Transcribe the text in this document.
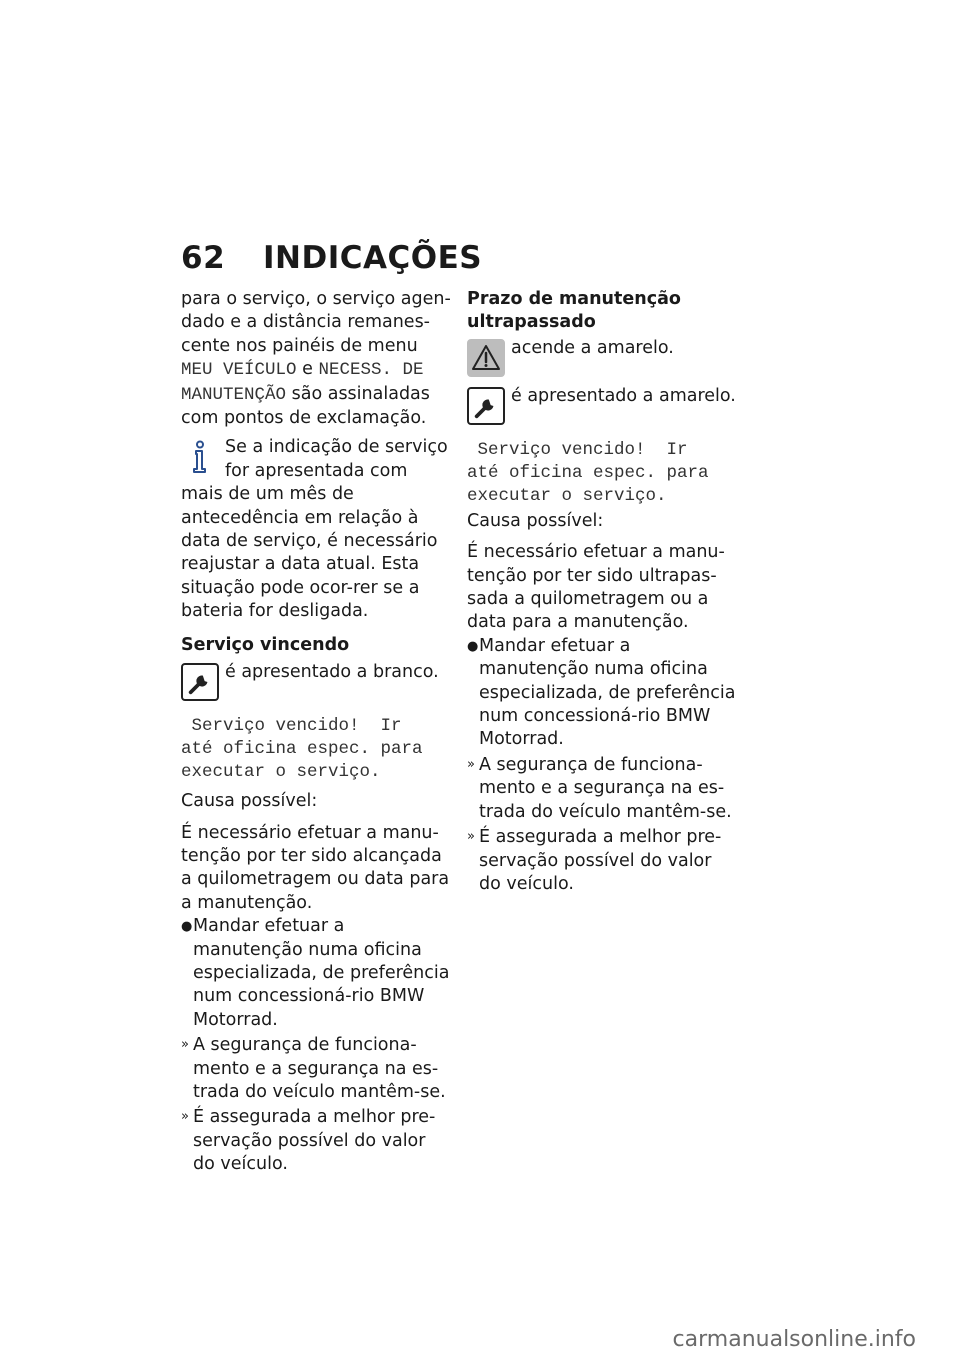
62	INDICAÇÕES

para o serviço, o serviço agen-dado e a distância remanes-cente nos painéis de menu MEU VEÍCULO e NECESS. DE MANUTENÇÃO são assinaladas com pontos de exclamação.

Se a indicação de serviço for apresentada com mais de um mês de antecedência em relação à data de serviço, é necessário reajustar a data atual. Esta situação pode ocor-rer se a bateria for desligada.

Serviço vincendo

é apresentado a branco.
Serviço vencido!  Ir
até oficina espec. para
executar o serviço.

Causa possível:

É necessário efetuar a manu-tenção por ter sido alcançada a quilometragem ou data para a manutenção.

● Mandar efetuar a manutenção numa oficina especializada, de preferência num concessioná-rio BMW Motorrad.
» A segurança de funciona-mento e a segurança na es-trada do veículo mantêm-se.
» É assegurada a melhor pre-servação possível do valor do veículo.

Prazo de manutenção ultrapassado

acende a amarelo.
é apresentado a amarelo.
Serviço vencido!  Ir
até oficina espec. para
executar o serviço.

Causa possível:

É necessário efetuar a manu-tenção por ter sido ultrapas-sada a quilometragem ou a data para a manutenção.

● Mandar efetuar a manutenção numa oficina especializada, de preferência num concessioná-rio BMW Motorrad.
» A segurança de funciona-mento e a segurança na es-trada do veículo mantêm-se.
» É assegurada a melhor pre-servação possível do valor do veículo.
carmanualsonline.info
